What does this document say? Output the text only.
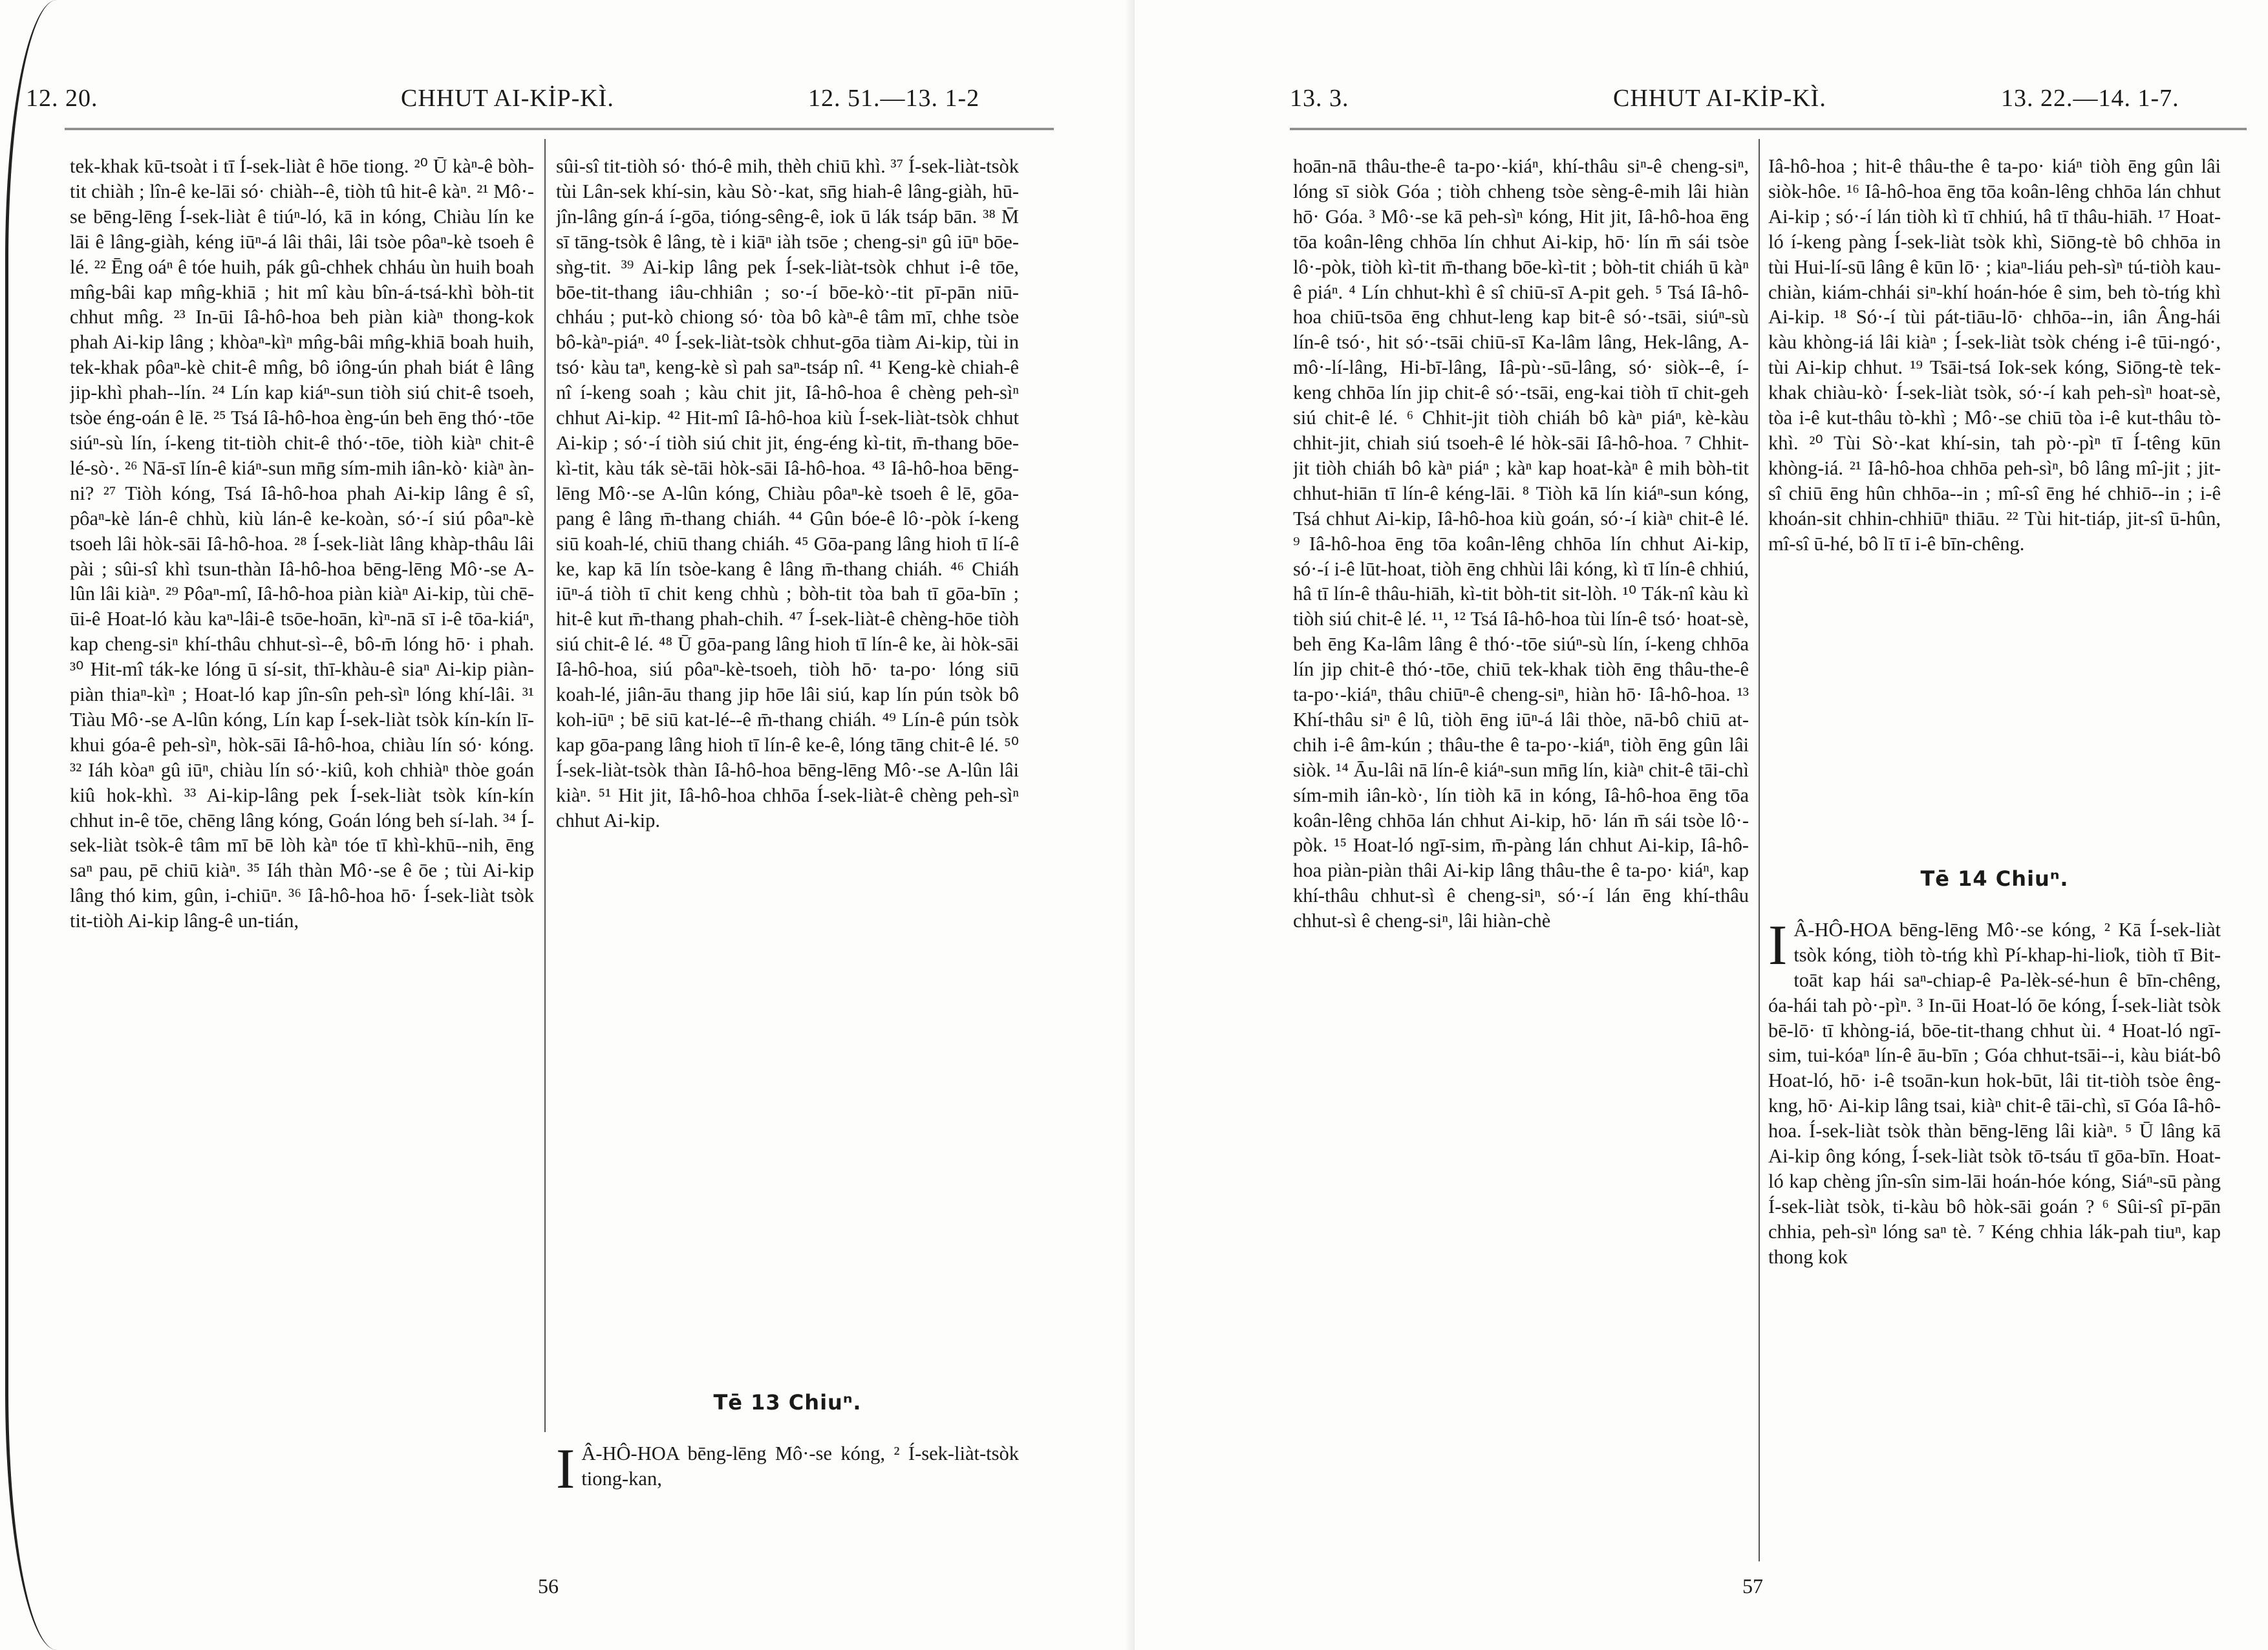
12. 20.	CHHUT AI-KİP-KÌ.	12. 51.—13. 1-2

tek-khak kū-tsoàt i tī Í-sek-liàt ê hōe tiong. ²⁰ Ū kàⁿ-ê bòh-tit chiàh ; lîn-ê ke-lāi só· chiàh--ê, tiòh tû hit-ê kàⁿ. ²¹ Mô·-se bēng-lēng Í-sek-liàt ê tiúⁿ-ló, kā in kóng, Chiàu lín ke lāi ê lâng-giàh, kéng iūⁿ-á lâi thâi, lâi tsòe pôaⁿ-kè tsoeh ê lé. ²² Ēng oáⁿ ê tóe huih, pák gû-chhek chháu ùn huih boah mn̂g-bâi kap mn̂g-khiā ; hit mî kàu bîn-á-tsá-khì bòh-tit chhut mn̂g. ²³ In-ūi Iâ-hô-hoa beh piàn kiàⁿ thong-kok phah Ai-kip lâng ; khòaⁿ-kìⁿ mn̂g-bâi mn̂g-khiā boah huih, tek-khak pôaⁿ-kè chit-ê mn̂g, bô iông-ún phah biát ê lâng jip-khì phah--lín. ²⁴ Lín kap kiáⁿ-sun tiòh siú chit-ê tsoeh, tsòe éng-oán ê lē. ²⁵ Tsá Iâ-hô-hoa èng-ún beh ēng thó·-tōe siúⁿ-sù lín, í-keng tit-tiòh chit-ê thó·-tōe, tiòh kiàⁿ chit-ê lé-sò·. ²⁶ Nā-sī lín-ê kiáⁿ-sun mn̄g sím-mih iân-kò· kiàⁿ àn-ni? ²⁷ Tiòh kóng, Tsá Iâ-hô-hoa phah Ai-kip lâng ê sî, pôaⁿ-kè lán-ê chhù, kiù lán-ê ke-koàn, só·-í siú pôaⁿ-kè tsoeh lâi hòk-sāi Iâ-hô-hoa. ²⁸ Í-sek-liàt lâng khàp-thâu lâi pài ; sûi-sî khì tsun-thàn Iâ-hô-hoa bēng-lēng Mô·-se A-lûn lâi kiàⁿ. ²⁹ Pôaⁿ-mî, Iâ-hô-hoa piàn kiàⁿ Ai-kip, tùi chē-ūi-ê Hoat-ló kàu kaⁿ-lâi-ê tsōe-hoān, kìⁿ-nā sī i-ê tōa-kiáⁿ, kap cheng-siⁿ khí-thâu chhut-sì--ê, bô-m̄ lóng hō· i phah. ³⁰ Hit-mî ták-ke lóng ū sí-sit, thī-khàu-ê siaⁿ Ai-kip piàn-piàn thiaⁿ-kìⁿ ; Hoat-ló kap jîn-sîn peh-sìⁿ lóng khí-lâi. ³¹ Tiàu Mô·-se A-lûn kóng, Lín kap Í-sek-liàt tsòk kín-kín lī-khui góa-ê peh-sìⁿ, hòk-sāi Iâ-hô-hoa, chiàu lín só· kóng. ³² Iáh kòaⁿ gû iūⁿ, chiàu lín só·-kiû, koh chhiàⁿ thòe goán kiû hok-khì. ³³ Ai-kip-lâng pek Í-sek-liàt tsòk kín-kín chhut in-ê tōe, chēng lâng kóng, Goán lóng beh sí-lah. ³⁴ Í-sek-liàt tsòk-ê tâm mī bē lòh kàⁿ tóe tī khì-khū--nih, ēng saⁿ pau, pē chiū kiàⁿ. ³⁵ Iáh thàn Mô·-se ê ōe ; tùi Ai-kip lâng thó kim, gûn, i-chiūⁿ. ³⁶ Iâ-hô-hoa hō· Í-sek-liàt tsòk tit-tiòh Ai-kip lâng-ê un-tián,

sûi-sî tit-tiòh só· thó-ê mih, thèh chiū khì. ³⁷ Í-sek-liàt-tsòk tùi Lân-sek khí-sin, kàu Sò·-kat, sn̄g hiah-ê lâng-giàh, hū-jîn-lâng gín-á í-gōa, tióng-sêng-ê, iok ū lák tsáp bān. ³⁸ M̄ sī tāng-tsòk ê lâng, tè i kiāⁿ iàh tsōe ; cheng-siⁿ gû iūⁿ bōe-sǹg-tit. ³⁹ Ai-kip lâng pek Í-sek-liàt-tsòk chhut i-ê tōe, bōe-tit-thang iâu-chhiân ; so·-í bōe-kò·-tit pī-pān niū-chháu ; put-kò chiong só· tòa bô kàⁿ-ê tâm mī, chhe tsòe bô-kàⁿ-piáⁿ. ⁴⁰ Í-sek-liàt-tsòk chhut-gōa tiàm Ai-kip, tùi in tsó· kàu taⁿ, keng-kè sì pah saⁿ-tsáp nî. ⁴¹ Keng-kè chiah-ê nî í-keng soah ; kàu chit jit, Iâ-hô-hoa ê chèng peh-sìⁿ chhut Ai-kip. ⁴² Hit-mî Iâ-hô-hoa kiù Í-sek-liàt-tsòk chhut Ai-kip ; só·-í tiòh siú chit jit, éng-éng kì-tit, m̄-thang bōe-kì-tit, kàu ták sè-tāi hòk-sāi Iâ-hô-hoa. ⁴³ Iâ-hô-hoa bēng-lēng Mô·-se A-lûn kóng, Chiàu pôaⁿ-kè tsoeh ê lē, gōa-pang ê lâng m̄-thang chiáh. ⁴⁴ Gûn bóe-ê lô·-pòk í-keng siū koah-lé, chiū thang chiáh. ⁴⁵ Gōa-pang lâng hioh tī lí-ê ke, kap kā lín tsòe-kang ê lâng m̄-thang chiáh. ⁴⁶ Chiáh iūⁿ-á tiòh tī chit keng chhù ; bòh-tit tòa bah tī gōa-bīn ; hit-ê kut m̄-thang phah-chih. ⁴⁷ Í-sek-liàt-ê chèng-hōe tiòh siú chit-ê lé. ⁴⁸ Ū gōa-pang lâng hioh tī lín-ê ke, ài hòk-sāi Iâ-hô-hoa, siú pôaⁿ-kè-tsoeh, tiòh hō· ta-po· lóng siū koah-lé, jiân-āu thang jip hōe lâi siú, kap lín pún tsòk bô koh-iūⁿ ; bē siū kat-lé--ê m̄-thang chiáh. ⁴⁹ Lín-ê pún tsòk kap gōa-pang lâng hioh tī lín-ê ke-ê, lóng tāng chit-ê lé. ⁵⁰ Í-sek-liàt-tsòk thàn Iâ-hô-hoa bēng-lēng Mô·-se A-lûn lâi kiàⁿ. ⁵¹ Hit jit, Iâ-hô-hoa chhōa Í-sek-liàt-ê chèng peh-sìⁿ chhut Ai-kip.

Tē 13 Chiuⁿ.
I Â-HÔ-HOA bēng-lēng Mô·-se kóng, ² Í-sek-liàt-tsòk tiong-kan,
56
13. 3.	CHHUT AI-KİP-KÌ.	13. 22.—14. 1-7.

hoān-nā thâu-the-ê ta-po·-kiáⁿ, khí-thâu siⁿ-ê cheng-siⁿ, lóng sī siòk Góa ; tiòh chheng tsòe sèng-ê-mih lâi hiàn hō· Góa. ³ Mô·-se kā peh-sìⁿ kóng, Hit jit, Iâ-hô-hoa ēng tōa koân-lêng chhōa lín chhut Ai-kip, hō· lín m̄ sái tsòe lô·-pòk, tiòh kì-tit m̄-thang bōe-kì-tit ; bòh-tit chiáh ū kàⁿ ê piáⁿ. ⁴ Lín chhut-khì ê sî chiū-sī A-pit geh. ⁵ Tsá Iâ-hô-hoa chiū-tsōa ēng chhut-leng kap bit-ê só·-tsāi, siúⁿ-sù lín-ê tsó·, hit só·-tsāi chiū-sī Ka-lâm lâng, Hek-lâng, A-mô·-lí-lâng, Hi-bī-lâng, Iâ-pù·-sū-lâng, só· siòk--ê, í-keng chhōa lín jip chit-ê só·-tsāi, eng-kai tiòh tī chit-geh siú chit-ê lé. ⁶ Chhit-jit tiòh chiáh bô kàⁿ piáⁿ, kè-kàu chhit-jit, chiah siú tsoeh-ê lé hòk-sāi Iâ-hô-hoa. ⁷ Chhit-jit tiòh chiáh bô kàⁿ piáⁿ ; kàⁿ kap hoat-kàⁿ ê mih bòh-tit chhut-hiān tī lín-ê kéng-lāi. ⁸ Tiòh kā lín kiáⁿ-sun kóng, Tsá chhut Ai-kip, Iâ-hô-hoa kiù goán, só·-í kiàⁿ chit-ê lé. ⁹ Iâ-hô-hoa ēng tōa koân-lêng chhōa lín chhut Ai-kip, só·-í i-ê lūt-hoat, tiòh ēng chhùi lâi kóng, kì tī lín-ê chhiú, hâ tī lín-ê thâu-hiāh, kì-tit bòh-tit sit-lòh. ¹⁰ Ták-nî kàu kì tiòh siú chit-ê lé. ¹¹, ¹² Tsá Iâ-hô-hoa tùi lín-ê tsó· hoat-sè, beh ēng Ka-lâm lâng ê thó·-tōe siúⁿ-sù lín, í-keng chhōa lín jip chit-ê thó·-tōe, chiū tek-khak tiòh ēng thâu-the-ê ta-po·-kiáⁿ, thâu chiūⁿ-ê cheng-siⁿ, hiàn hō· Iâ-hô-hoa. ¹³ Khí-thâu siⁿ ê lû, tiòh ēng iūⁿ-á lâi thòe, nā-bô chiū at-chih i-ê âm-kún ; thâu-the ê ta-po·-kiáⁿ, tiòh ēng gûn lâi siòk. ¹⁴ Āu-lâi nā lín-ê kiáⁿ-sun mn̄g lín, kiàⁿ chit-ê tāi-chì sím-mih iân-kò·, lín tiòh kā in kóng, Iâ-hô-hoa ēng tōa koân-lêng chhōa lán chhut Ai-kip, hō· lán m̄ sái tsòe lô·-pòk. ¹⁵ Hoat-ló ngī-sim, m̄-pàng lán chhut Ai-kip, Iâ-hô-hoa piàn-piàn thâi Ai-kip lâng thâu-the ê ta-po· kiáⁿ, kap khí-thâu chhut-sì ê cheng-siⁿ, só·-í lán ēng khí-thâu chhut-sì ê cheng-siⁿ, lâi hiàn-chè

Iâ-hô-hoa ; hit-ê thâu-the ê ta-po· kiáⁿ tiòh ēng gûn lâi siòk-hôe. ¹⁶ Iâ-hô-hoa ēng tōa koân-lêng chhōa lán chhut Ai-kip ; só·-í lán tiòh kì tī chhiú, hâ tī thâu-hiāh. ¹⁷ Hoat-ló í-keng pàng Í-sek-liàt tsòk khì, Siōng-tè bô chhōa in tùi Hui-lí-sū lâng ê kūn lō· ; kiaⁿ-liáu peh-sìⁿ tú-tiòh kau-chiàn, kiám-chhái siⁿ-khí hoán-hóe ê sim, beh tò-tńg khì Ai-kip. ¹⁸ Só·-í tùi pát-tiāu-lō· chhōa--in, iân Âng-hái kàu khòng-iá lâi kiàⁿ ; Í-sek-liàt tsòk chéng i-ê tūi-ngó·, tùi Ai-kip chhut. ¹⁹ Tsāi-tsá Iok-sek kóng, Siōng-tè tek-khak chiàu-kò· Í-sek-liàt tsòk, só·-í kah peh-sìⁿ hoat-sè, tòa i-ê kut-thâu tò-khì ; Mô·-se chiū tòa i-ê kut-thâu tò-khì. ²⁰ Tùi Sò·-kat khí-sin, tah pò·-pìⁿ tī Í-têng kūn khòng-iá. ²¹ Iâ-hô-hoa chhōa peh-sìⁿ, bô lâng mî-jit ; jit-sî chiū ēng hûn chhōa--in ; mî-sî ēng hé chhiō--in ; i-ê khoán-sit chhin-chhiūⁿ thiāu. ²² Tùi hit-tiáp, jit-sî ū-hûn, mî-sî ū-hé, bô lī tī i-ê bīn-chêng.

Tē 14 Chiuⁿ.
I Â-HÔ-HOA bēng-lēng Mô·-se kóng, ² Kā Í-sek-liàt tsòk kóng, tiòh tò-tńg khì Pí-khap-hi-lio̍k, tiòh tī Bit-toāt kap hái saⁿ-chiap-ê Pa-lèk-sé-hun ê bīn-chêng, óa-hái tah pò·-pìⁿ. ³ In-ūi Hoat-ló ōe kóng, Í-sek-liàt tsòk bē-lō· tī khòng-iá, bōe-tit-thang chhut ùi. ⁴ Hoat-ló ngī-sim, tui-kóaⁿ lín-ê āu-bīn ; Góa chhut-tsāi--i, kàu biát-bô Hoat-ló, hō· i-ê tsoān-kun hok-būt, lâi tit-tiòh tsòe êng-kng, hō· Ai-kip lâng tsai, kiàⁿ chit-ê tāi-chì, sī Góa Iâ-hô-hoa. Í-sek-liàt tsòk thàn bēng-lēng lâi kiàⁿ. ⁵ Ū lâng kā Ai-kip ông kóng, Í-sek-liàt tsòk tō-tsáu tī gōa-bīn. Hoat-ló kap chèng jîn-sîn sim-lāi hoán-hóe kóng, Siáⁿ-sū pàng Í-sek-liàt tsòk, ti-kàu bô hòk-sāi goán ? ⁶ Sûi-sî pī-pān chhia, peh-sìⁿ lóng saⁿ tè. ⁷ Kéng chhia lák-pah tiuⁿ, kap thong kok
57
